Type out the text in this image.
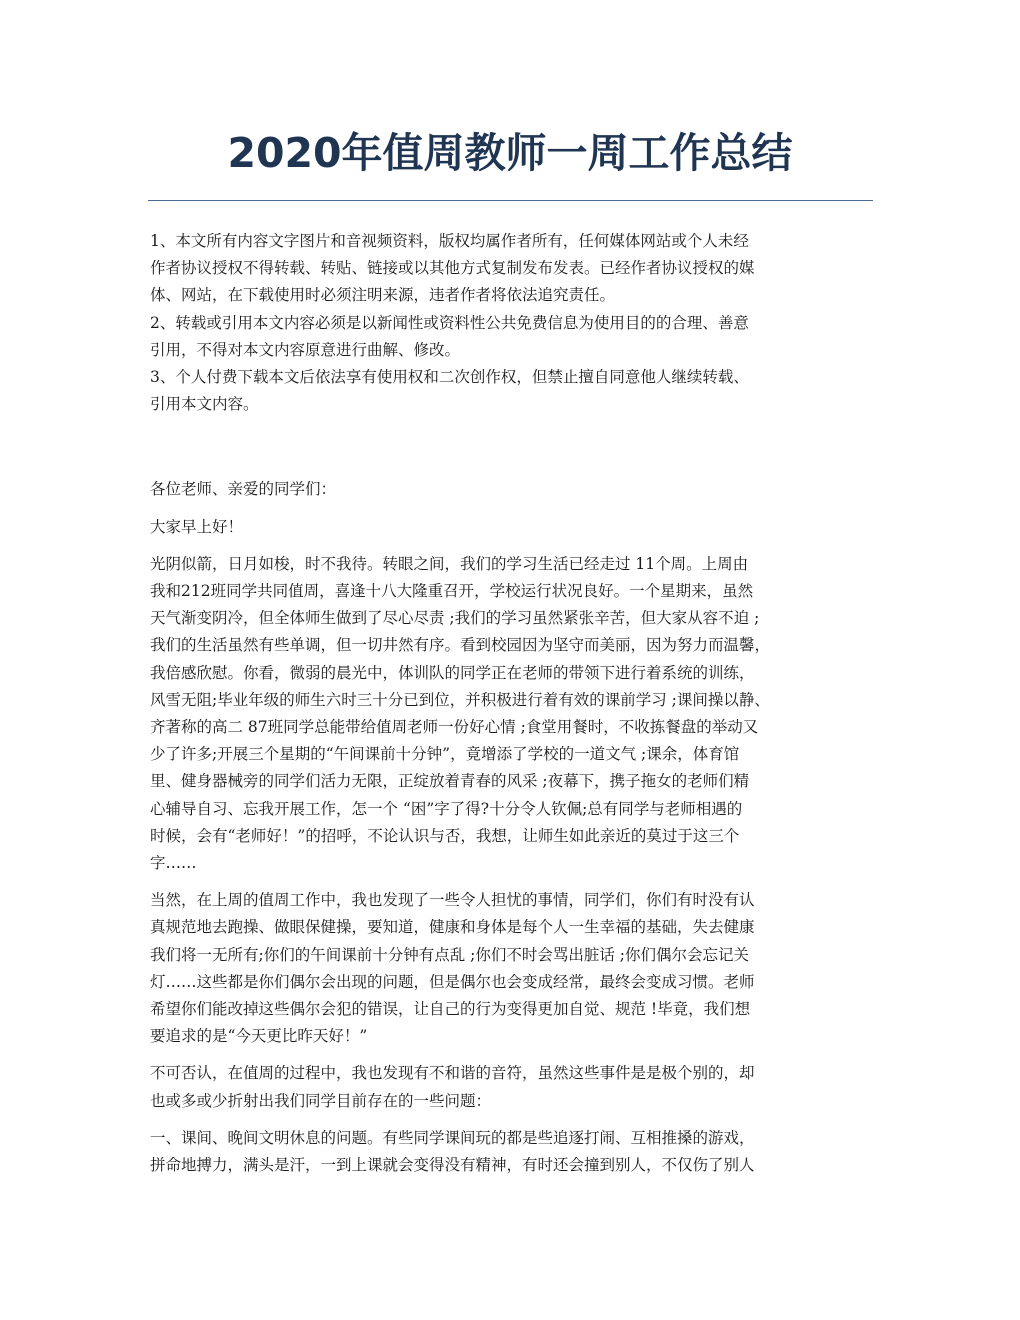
2020年值周教师一周工作总结

1、本文所有内容文字图片和音视频资料，版权均属作者所有，任何媒体网站或个人未经

作者协议授权不得转载、转贴、链接或以其他方式复制发布发表。已经作者协议授权的媒

体、网站，在下载使用时必须注明来源，违者作者将依法追究责任。

2、转载或引用本文内容必须是以新闻性或资料性公共免费信息为使用目的的合理、善意

引用，不得对本文内容原意进行曲解、修改。

3、个人付费下载本文后依法享有使用权和二次创作权，但禁止擅自同意他人继续转载、

引用本文内容。

各位老师、亲爱的同学们：

大家早上好！

光阴似箭，日月如梭，时不我待。转眼之间，我们的学习生活已经走过 11个周。上周由

我和212班同学共同值周，喜逢十八大隆重召开，学校运行状况良好。一个星期来，虽然

天气渐变阴冷，但全体师生做到了尽心尽责 ;我们的学习虽然紧张辛苦，但大家从容不迫 ;

我们的生活虽然有些单调，但一切井然有序。看到校园因为坚守而美丽，因为努力而温馨，

我倍感欣慰。你看，微弱的晨光中，体训队的同学正在老师的带领下进行着系统的训练，

风雪无阻;毕业年级的师生六时三十分已到位，并积极进行着有效的课前学习 ;课间操以静、

齐著称的高二 87班同学总能带给值周老师一份好心情 ;食堂用餐时，不收拣餐盘的举动又

少了许多;开展三个星期的“午间课前十分钟”，竟增添了学校的一道文气 ;课余，体育馆

里、健身器械旁的同学们活力无限，正绽放着青春的风采 ;夜幕下，携子拖女的老师们精

心辅导自习、忘我开展工作，怎一个 “困”字了得?十分令人钦佩;总有同学与老师相遇的

时候，会有“老师好！”的招呼，不论认识与否，我想，让师生如此亲近的莫过于这三个

字……

当然，在上周的值周工作中，我也发现了一些令人担忧的事情，同学们，你们有时没有认

真规范地去跑操、做眼保健操，要知道，健康和身体是每个人一生幸福的基础，失去健康

我们将一无所有;你们的午间课前十分钟有点乱 ;你们不时会骂出脏话 ;你们偶尔会忘记关

灯……这些都是你们偶尔会出现的问题，但是偶尔也会变成经常，最终会变成习惯。老师

希望你们能改掉这些偶尔会犯的错误，让自己的行为变得更加自觉、规范 !毕竟，我们想

要追求的是“今天更比昨天好！”

不可否认，在值周的过程中，我也发现有不和谐的音符，虽然这些事件是是极个别的，却

也或多或少折射出我们同学目前存在的一些问题：

一、课间、晚间文明休息的问题。有些同学课间玩的都是些追逐打闹、互相推搡的游戏，

拼命地搏力，满头是汗，一到上课就会变得没有精神，有时还会撞到别人，不仅伤了别人
